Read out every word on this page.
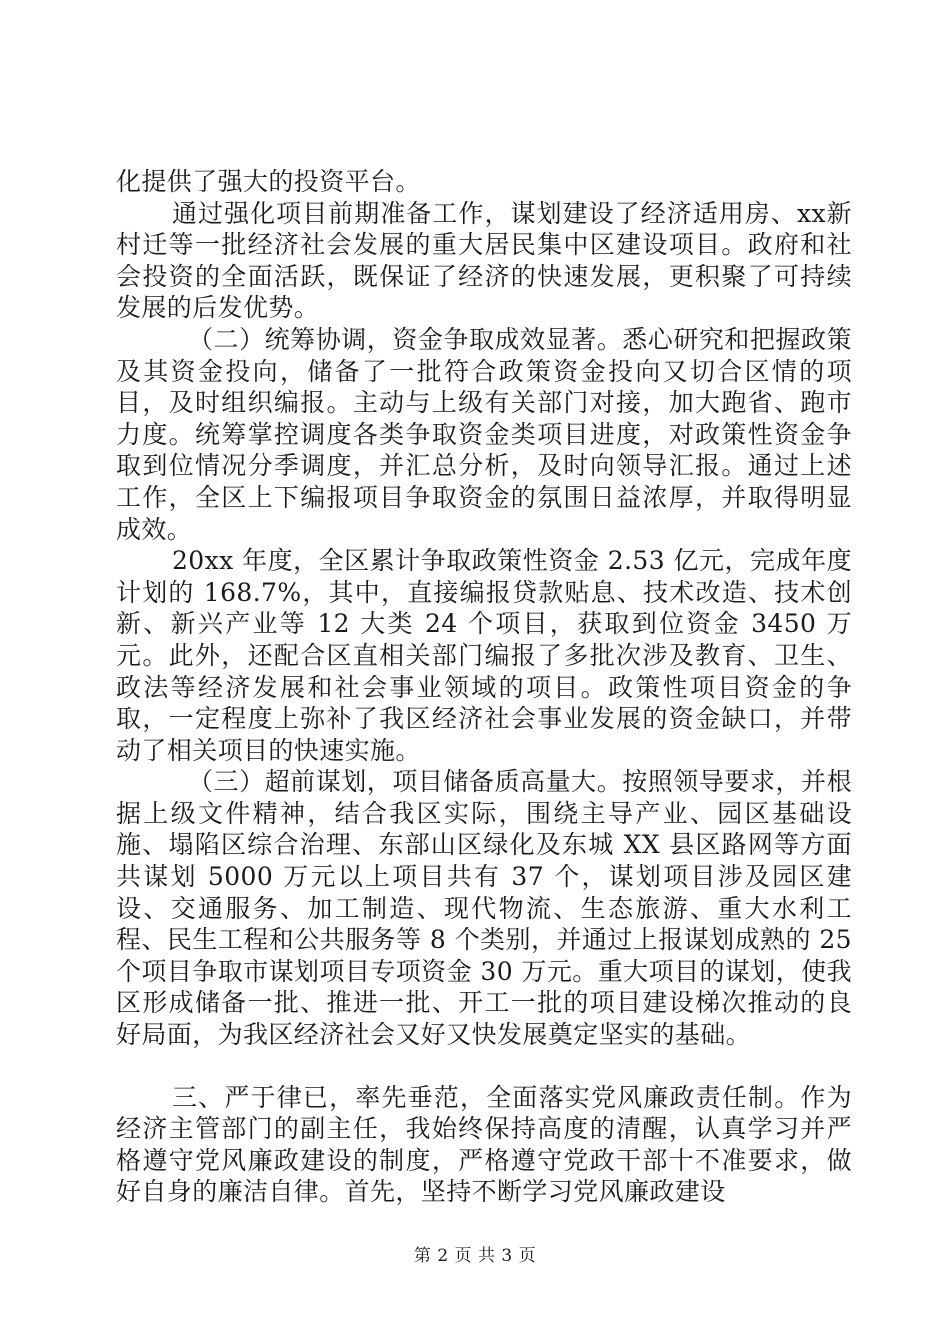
化提供了强大的投资平台。

通过强化项目前期准备工作，谋划建设了经济适用房、xx新村迁等一批经济社会发展的重大居民集中区建设项目。政府和社会投资的全面活跃，既保证了经济的快速发展，更积聚了可持续发展的后发优势。

（二）统筹协调，资金争取成效显著。悉心研究和把握政策及其资金投向，储备了一批符合政策资金投向又切合区情的项目，及时组织编报。主动与上级有关部门对接，加大跑省、跑市力度。统筹掌控调度各类争取资金类项目进度，对政策性资金争取到位情况分季调度，并汇总分析，及时向领导汇报。通过上述工作，全区上下编报项目争取资金的氛围日益浓厚，并取得明显成效。

20xx 年度，全区累计争取政策性资金 2.53 亿元，完成年度计划的 168.7%，其中，直接编报贷款贴息、技术改造、技术创新、新兴产业等 12 大类 24 个项目，获取到位资金 3450 万元。此外，还配合区直相关部门编报了多批次涉及教育、卫生、政法等经济发展和社会事业领域的项目。政策性项目资金的争取，一定程度上弥补了我区经济社会事业发展的资金缺口，并带动了相关项目的快速实施。

（三）超前谋划，项目储备质高量大。按照领导要求，并根据上级文件精神，结合我区实际，围绕主导产业、园区基础设施、塌陷区综合治理、东部山区绿化及东城 XX 县区路网等方面共谋划 5000 万元以上项目共有 37 个，谋划项目涉及园区建设、交通服务、加工制造、现代物流、生态旅游、重大水利工程、民生工程和公共服务等 8 个类别，并通过上报谋划成熟的 25 个项目争取市谋划项目专项资金 30 万元。重大项目的谋划，使我区形成储备一批、推进一批、开工一批的项目建设梯次推动的良好局面，为我区经济社会又好又快发展奠定坚实的基础。

三、严于律已，率先垂范，全面落实党风廉政责任制。作为经济主管部门的副主任，我始终保持高度的清醒，认真学习并严格遵守党风廉政建设的制度，严格遵守党政干部十不准要求，做好自身的廉洁自律。首先，坚持不断学习党风廉政建设

第 2 页 共 3 页
